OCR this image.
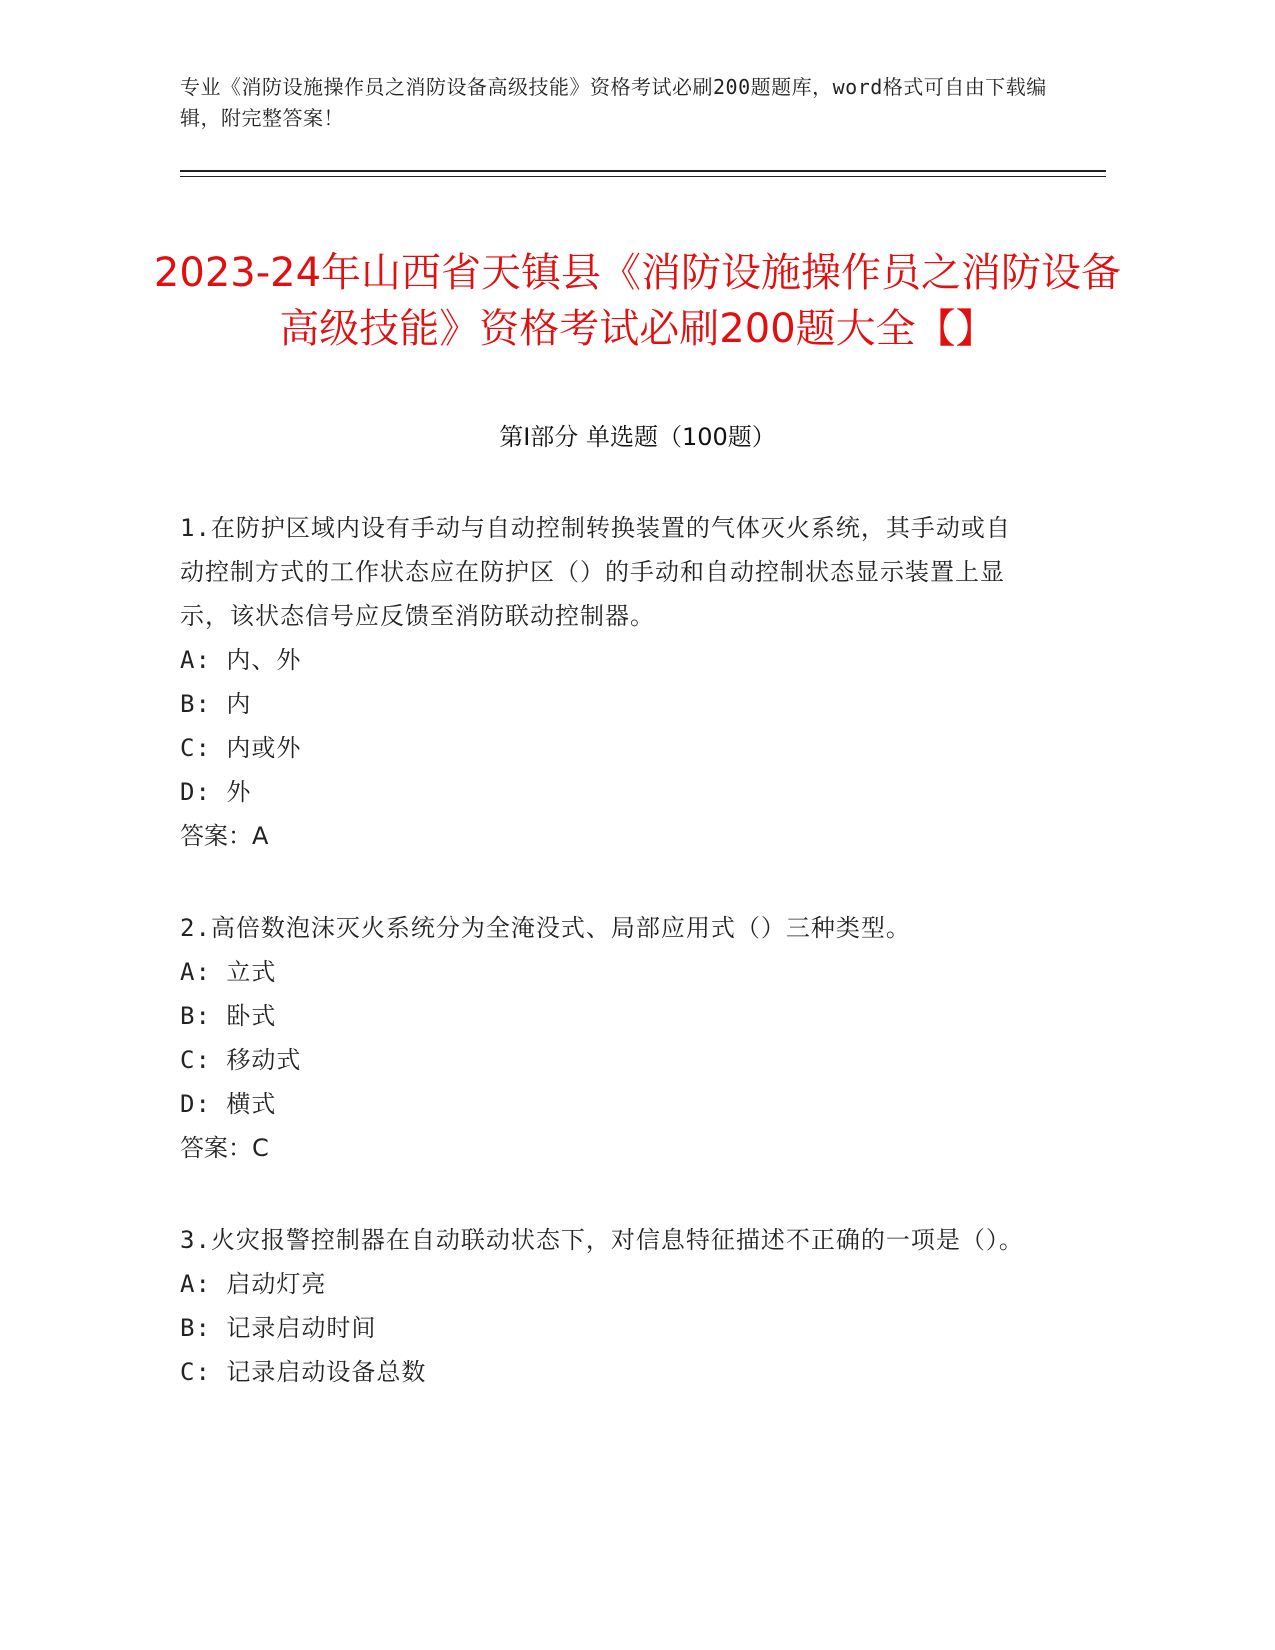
专业《消防设施操作员之消防设备高级技能》资格考试必刷200题题库，word格式可自由下载编辑，附完整答案！
2023-24年山西省天镇县《消防设施操作员之消防设备高级技能》资格考试必刷200题大全【】
第Ⅰ部分 单选题（100题）

1.在防护区域内设有手动与自动控制转换装置的气体灭火系统，其手动或自动控制方式的工作状态应在防护区（）的手动和自动控制状态显示装置上显示，该状态信号应反馈至消防联动控制器。

A: 内、外

B: 内

C: 内或外

D: 外

答案：A

2.高倍数泡沫灭火系统分为全淹没式、局部应用式（）三种类型。

A: 立式

B: 卧式

C: 移动式

D: 横式

答案：C

3.火灾报警控制器在自动联动状态下，对信息特征描述不正确的一项是（）。

A: 启动灯亮

B: 记录启动时间

C: 记录启动设备总数
